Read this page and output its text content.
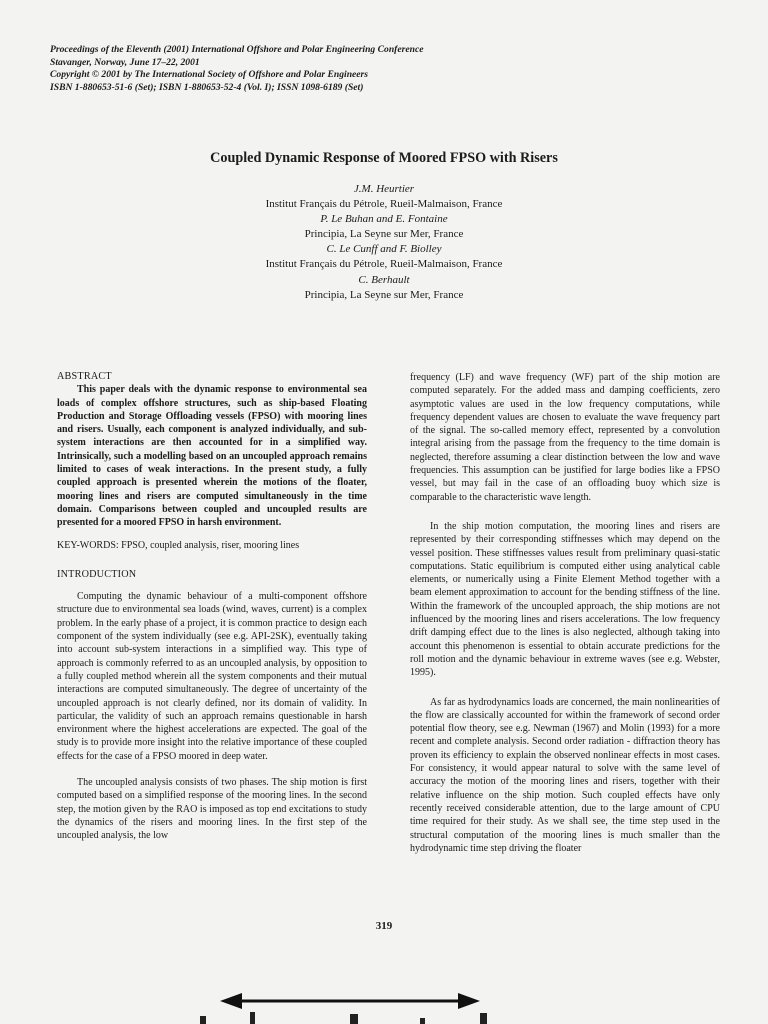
Proceedings of the Eleventh (2001) International Offshore and Polar Engineering Conference
Stavanger, Norway, June 17–22, 2001
Copyright © 2001 by The International Society of Offshore and Polar Engineers
ISBN 1-880653-51-6 (Set); ISBN 1-880653-52-4 (Vol. I); ISSN 1098-6189 (Set)
Coupled Dynamic Response of Moored FPSO with Risers
J.M. Heurtier
Institut Français du Pétrole, Rueil-Malmaison, France
P. Le Buhan and E. Fontaine
Principia, La Seyne sur Mer, France
C. Le Cunff and F. Biolley
Institut Français du Pétrole, Rueil-Malmaison, France
C. Berhault
Principia, La Seyne sur Mer, France
ABSTRACT

This paper deals with the dynamic response to environmental sea loads of complex offshore structures, such as ship-based Floating Production and Storage Offloading vessels (FPSO) with mooring lines and risers. Usually, each component is analyzed individually, and sub-system interactions are then accounted for in a simplified way. Intrinsically, such a modelling based on an uncoupled approach remains limited to cases of weak interactions. In the present study, a fully coupled approach is presented wherein the motions of the floater, mooring lines and risers are computed simultaneously in the time domain. Comparisons between coupled and uncoupled results are presented for a moored FPSO in harsh environment.

KEY-WORDS: FPSO, coupled analysis, riser, mooring lines

INTRODUCTION

Computing the dynamic behaviour of a multi-component offshore structure due to environmental sea loads (wind, waves, current) is a complex problem. In the early phase of a project, it is common practice to design each component of the system individually (see e.g. API-2SK), eventually taking into account sub-system interactions in a simplified way. This type of approach is commonly referred to as an uncoupled analysis, by opposition to a fully coupled method wherein all the system components and their mutual interactions are computed simultaneously. The degree of uncertainty of the uncoupled approach is not clearly defined, nor its domain of validity. In particular, the validity of such an approach remains questionable in harsh environment where the highest accelerations are expected. The goal of the study is to provide more insight into the relative importance of these coupled effects for the case of a FPSO moored in deep water.

The uncoupled analysis consists of two phases. The ship motion is first computed based on a simplified response of the mooring lines. In the second step, the motion given by the RAO is imposed as top end excitations to study the dynamics of the risers and mooring lines. In the first step of the uncoupled analysis, the low

frequency (LF) and wave frequency (WF) part of the ship motion are computed separately. For the added mass and damping coefficients, zero asymptotic values are used in the low frequency computations, while frequency dependent values are chosen to evaluate the wave frequency part of the signal. The so-called memory effect, represented by a convolution integral arising from the passage from the frequency to the time domain is neglected, therefore assuming a clear distinction between the low and wave frequencies. This assumption can be justified for large bodies like a FPSO vessel, but may fail in the case of an offloading buoy which size is comparable to the characteristic wave length.

In the ship motion computation, the mooring lines and risers are represented by their corresponding stiffnesses which may depend on the vessel position. These stiffnesses values result from preliminary quasi-static computations. Static equilibrium is computed either using analytical cable elements, or numerically using a Finite Element Method together with a beam element approximation to account for the bending stiffness of the line. Within the framework of the uncoupled approach, the ship motions are not influenced by the mooring lines and risers accelerations. The low frequency drift damping effect due to the lines is also neglected, although taking into account this phenomenon is essential to obtain accurate predictions for the roll motion and the dynamic behaviour in extreme waves (see e.g. Webster, 1995).

As far as hydrodynamics loads are concerned, the main nonlinearities of the flow are classically accounted for within the framework of second order potential flow theory, see e.g. Newman (1967) and Molin (1993) for a more recent and complete analysis. Second order radiation - diffraction theory has proven its efficiency to explain the observed nonlinear effects in most cases. For consistency, it would appear natural to solve with the same level of accuracy the motion of the mooring lines and risers, together with their relative influence on the ship motion. Such coupled effects have only recently received considerable attention, due to the large amount of CPU time required for their study. As we shall see, the time step used in the structural computation of the mooring lines is much smaller than the hydrodynamic time step driving the floater

319
